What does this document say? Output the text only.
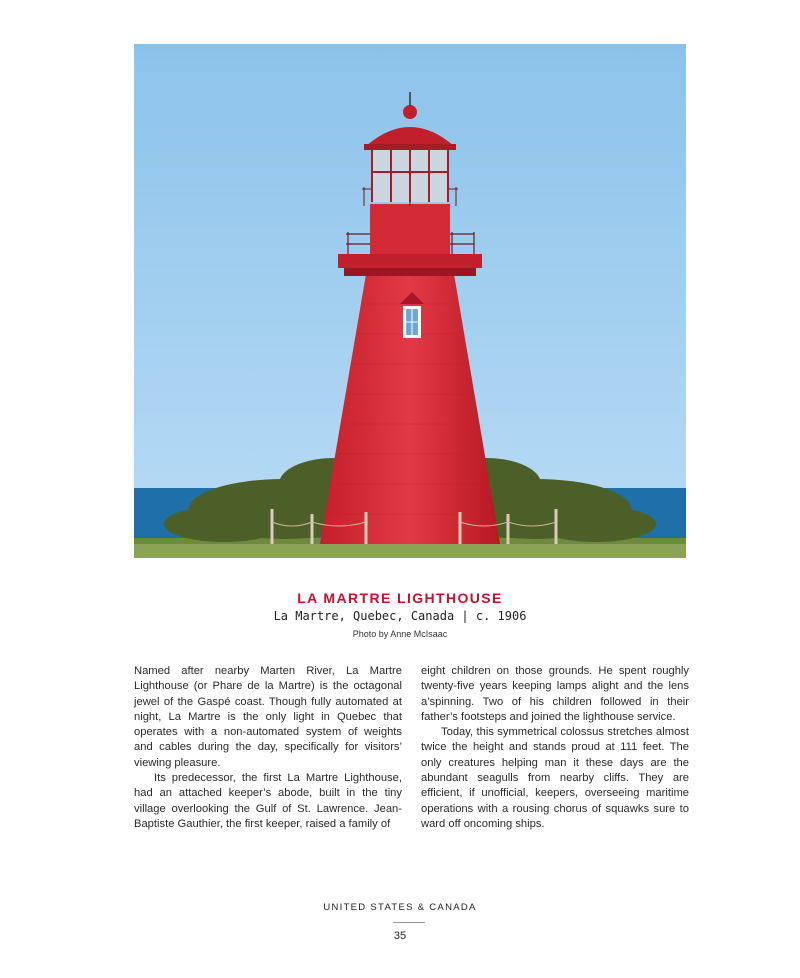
LA MARTRE LIGHTHOUSE
La Martre, Quebec, Canada | c. 1906
Photo by Anne McIsaac

Named after nearby Marten River, La Martre Lighthouse (or Phare de la Martre) is the octagonal jewel of the Gaspé coast. Though fully automated at night, La Martre is the only light in Quebec that operates with a non-automated system of weights and cables during the day, specifically for visitors’ viewing pleasure.

Its predecessor, the first La Martre Lighthouse, had an attached keeper’s abode, built in the tiny village overlooking the Gulf of St. Lawrence. Jean-Baptiste Gauthier, the first keeper, raised a family of

eight children on those grounds. He spent roughly twenty-five years keeping lamps alight and the lens a’spinning. Two of his children followed in their father’s footsteps and joined the lighthouse service.

Today, this symmetrical colossus stretches almost twice the height and stands proud at 111 feet. The only creatures helping man it these days are the abundant seagulls from nearby cliffs. They are efficient, if unofficial, keepers, overseeing maritime operations with a rousing chorus of squawks sure to ward off oncoming ships.

UNITED STATES & CANADA
35
